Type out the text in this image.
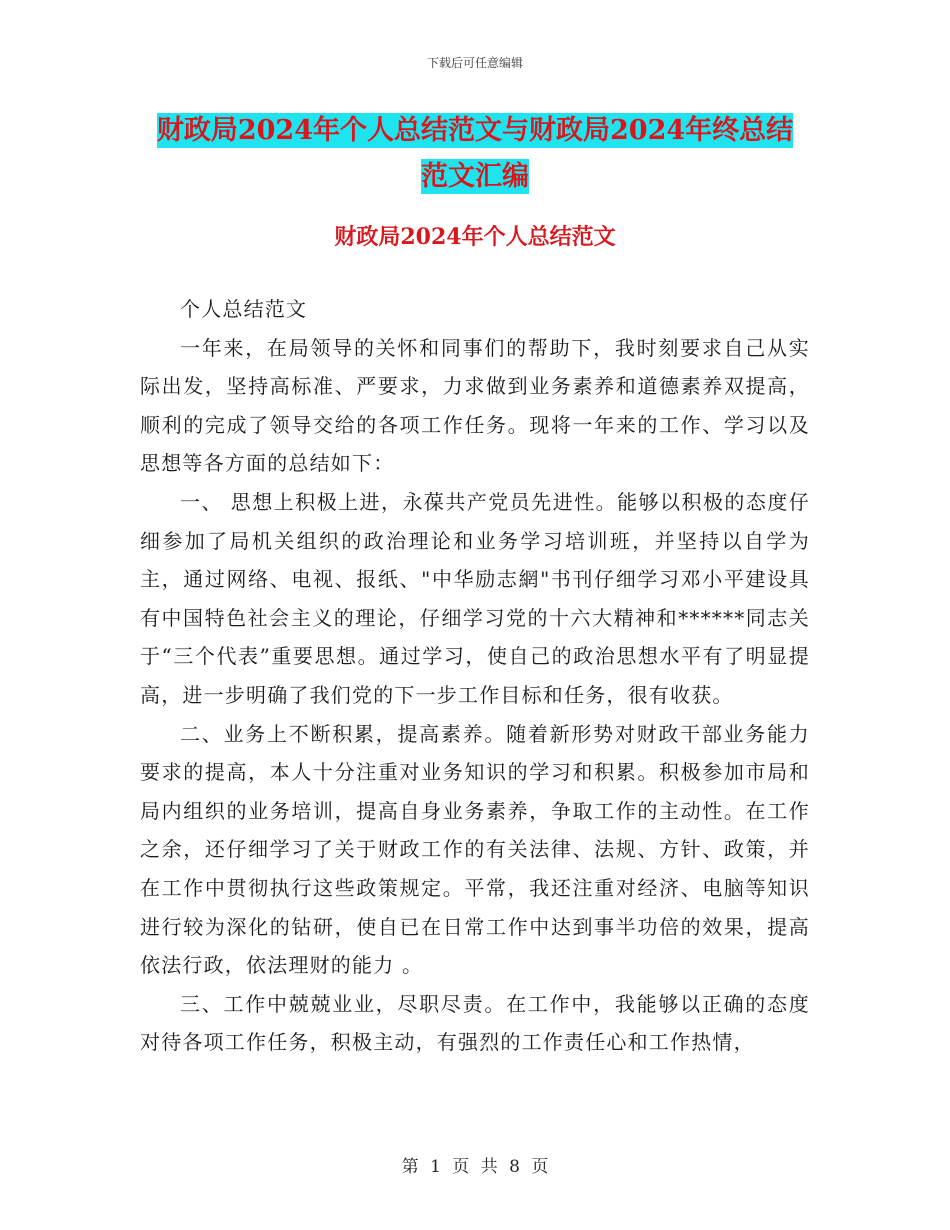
下载后可任意编辑
财政局2024年个人总结范文与财政局2024年终总结
范文汇编
财政局2024年个人总结范文

个人总结范文

一年来，在局领导的关怀和同事们的帮助下，我时刻要求自己从实际出发，坚持高标准、严要求，力求做到业务素养和道德素养双提高，顺利的完成了领导交给的各项工作任务。现将一年来的工作、学习以及思想等各方面的总结如下：

一、 思想上积极上进，永葆共产党员先进性。能够以积极的态度仔细参加了局机关组织的政治理论和业务学习培训班，并坚持以自学为主，通过网络、电视、报纸、"中华励志網"书刊仔细学习邓小平建设具有中国特色社会主义的理论，仔细学习党的十六大精神和******同志关于“三个代表”重要思想。通过学习，使自己的政治思想水平有了明显提高，进一步明确了我们党的下一步工作目标和任务，很有收获。

二、业务上不断积累，提高素养。随着新形势对财政干部业务能力要求的提高，本人十分注重对业务知识的学习和积累。积极参加市局和局内组织的业务培训，提高自身业务素养，争取工作的主动性。在工作之余，还仔细学习了关于财政工作的有关法律、法规、方针、政策，并在工作中贯彻执行这些政策规定。平常，我还注重对经济、电脑等知识进行较为深化的钻研，使自已在日常工作中达到事半功倍的效果，提高依法行政，依法理财的能力 。

三、工作中兢兢业业，尽职尽责。在工作中，我能够以正确的态度对待各项工作任务，积极主动，有强烈的工作责任心和工作热情，

第 1 页 共 8 页
